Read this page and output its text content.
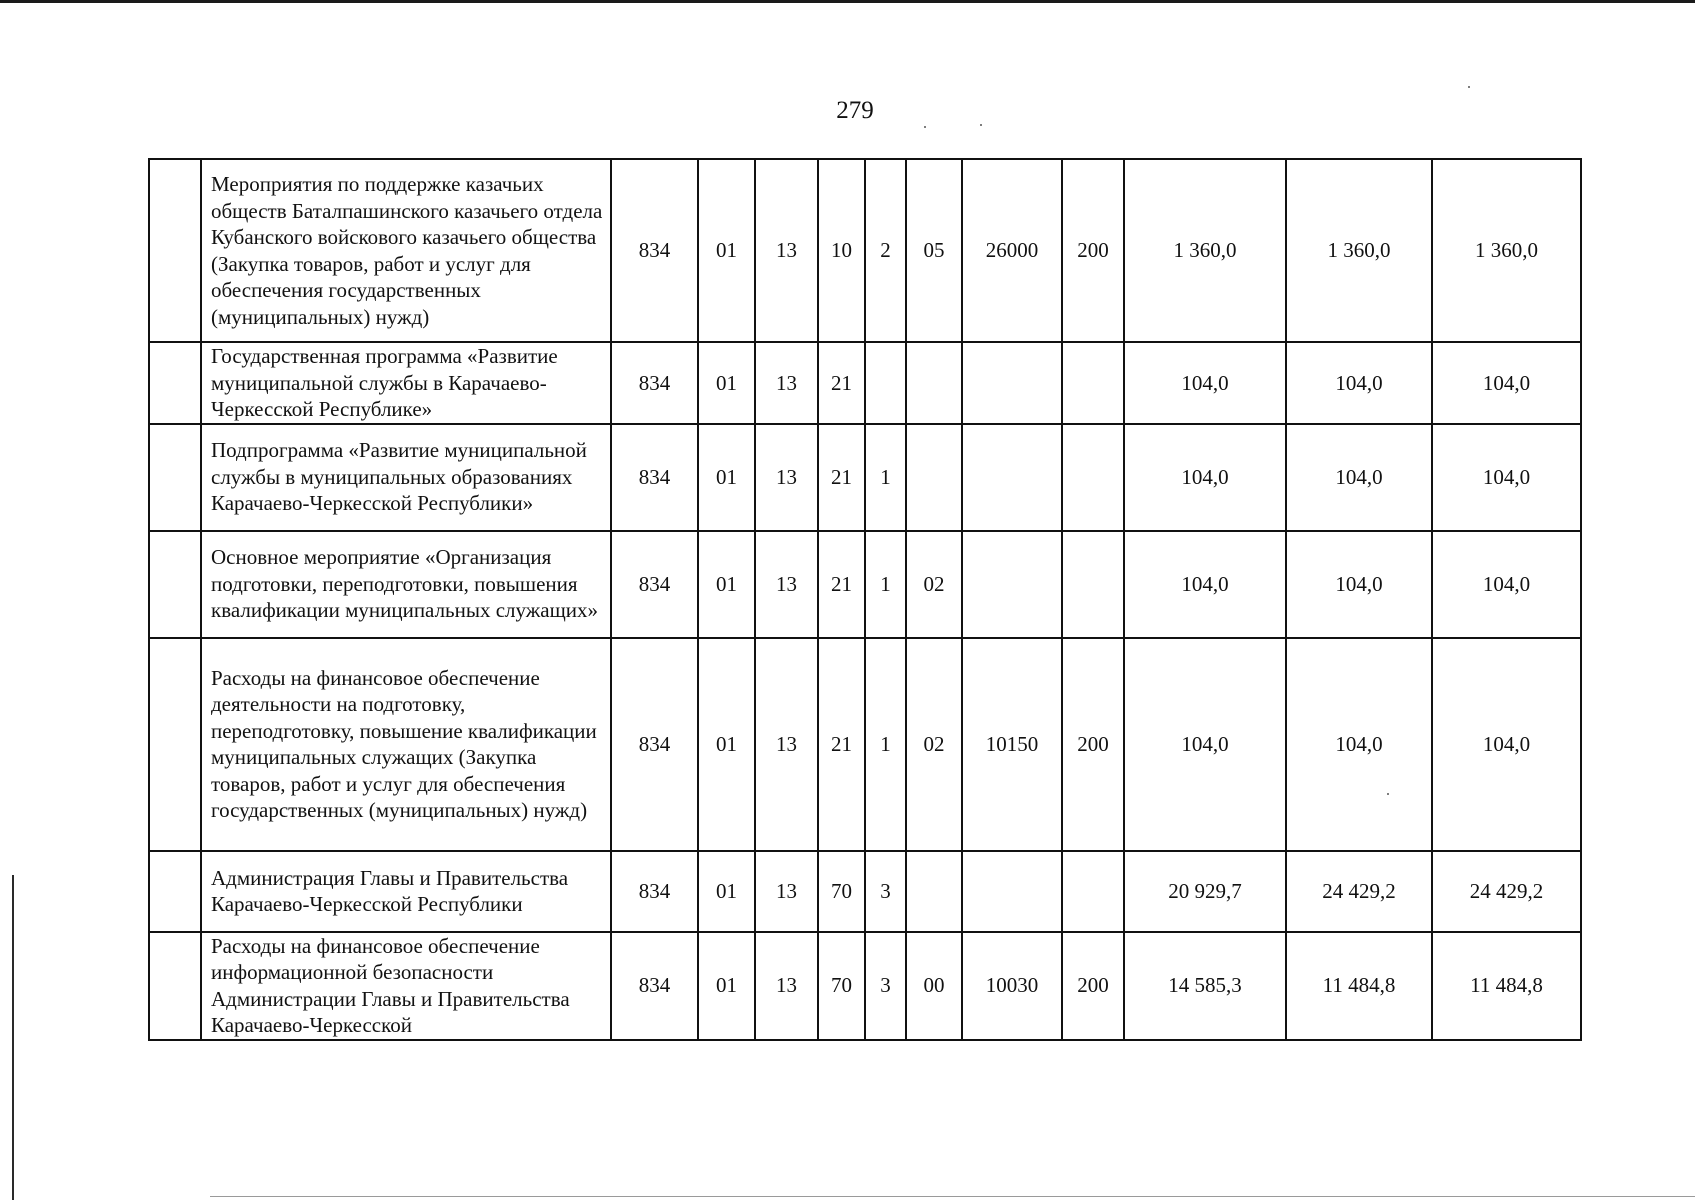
279
	Мероприятия по поддержке казачьих обществ Баталпашинского казачьего отдела Кубанского войскового казачьего общества (Закупка товаров, работ и услуг для обеспечения государственных (муниципальных) нужд)	834	01	13	10	2	05	26000	200	1 360,0	1 360,0	1 360,0
	Государственная программа «Развитие муниципальной службы в Карачаево-Черкесской Республике»	834	01	13	21					104,0	104,0	104,0
	Подпрограмма «Развитие муниципальной службы в муниципальных образованиях Карачаево-Черкесской Республики»	834	01	13	21	1				104,0	104,0	104,0
	Основное мероприятие «Организация подготовки, переподготовки, повышения квалификации муниципальных служащих»	834	01	13	21	1	02			104,0	104,0	104,0
	Расходы на финансовое обеспечение деятельности на подготовку, переподготовку, повышение квалификации муниципальных служащих (Закупка товаров, работ и услуг для обеспечения государственных (муниципальных) нужд)	834	01	13	21	1	02	10150	200	104,0	104,0	104,0
	Администрация Главы и Правительства Карачаево-Черкесской Республики	834	01	13	70	3				20 929,7	24 429,2	24 429,2
	Расходы на финансовое обеспечение информационной безопасности Администрации Главы и Правительства Карачаево-Черкесской	834	01	13	70	3	00	10030	200	14 585,3	11 484,8	11 484,8
